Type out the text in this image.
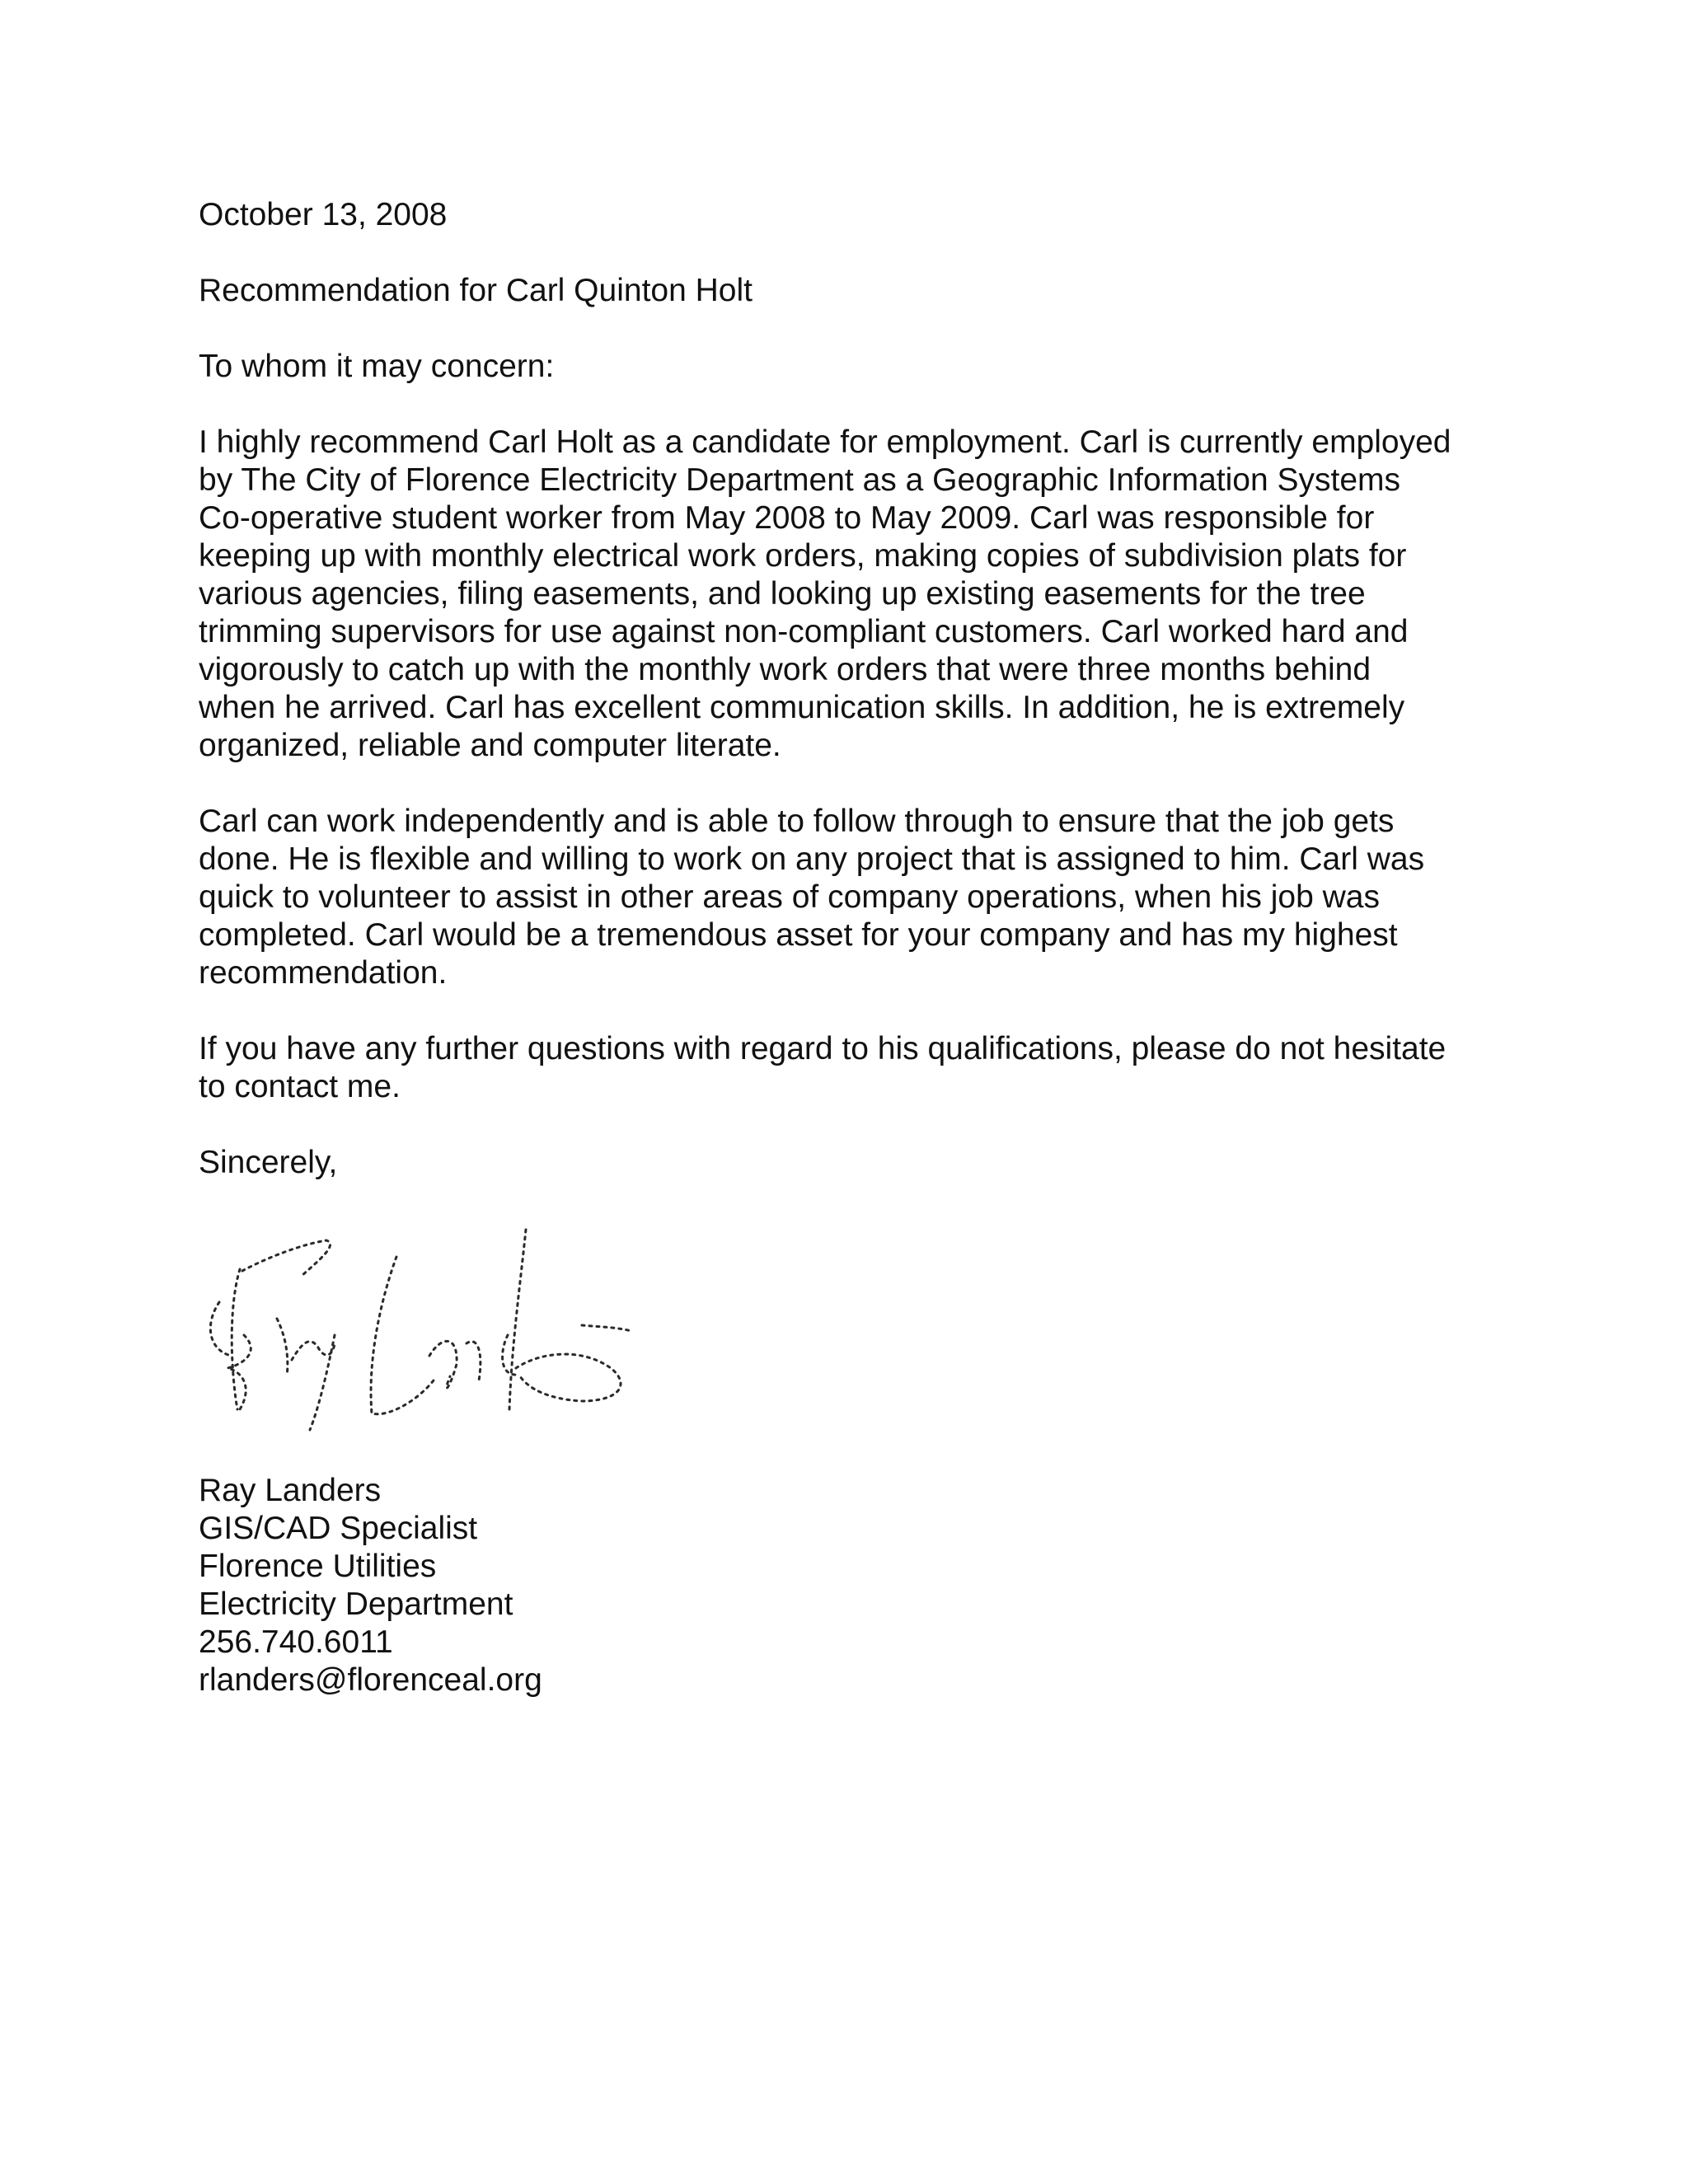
October 13, 2008

Recommendation for Carl Quinton Holt

To whom it may concern:

I highly recommend Carl Holt as a candidate for employment. Carl is currently employed
by The City of Florence Electricity Department as a Geographic Information Systems
Co-operative student worker from May 2008 to May 2009. Carl was responsible for
keeping up with monthly electrical work orders, making copies of subdivision plats for
various agencies, filing easements, and looking up existing easements for the tree
trimming supervisors for use against non-compliant customers. Carl worked hard and
vigorously to catch up with the monthly work orders that were three months behind
when he arrived. Carl has excellent communication skills. In addition, he is extremely
organized, reliable and computer literate.
Carl can work independently and is able to follow through to ensure that the job gets
done. He is flexible and willing to work on any project that is assigned to him. Carl was
quick to volunteer to assist in other areas of company operations, when his job was
completed. Carl would be a tremendous asset for your company and has my highest
recommendation.
If you have any further questions with regard to his qualifications, please do not hesitate
to contact me.

Sincerely,

Ray Landers
GIS/CAD Specialist
Florence Utilities
Electricity Department
256.740.6011
rlanders@florenceal.org
